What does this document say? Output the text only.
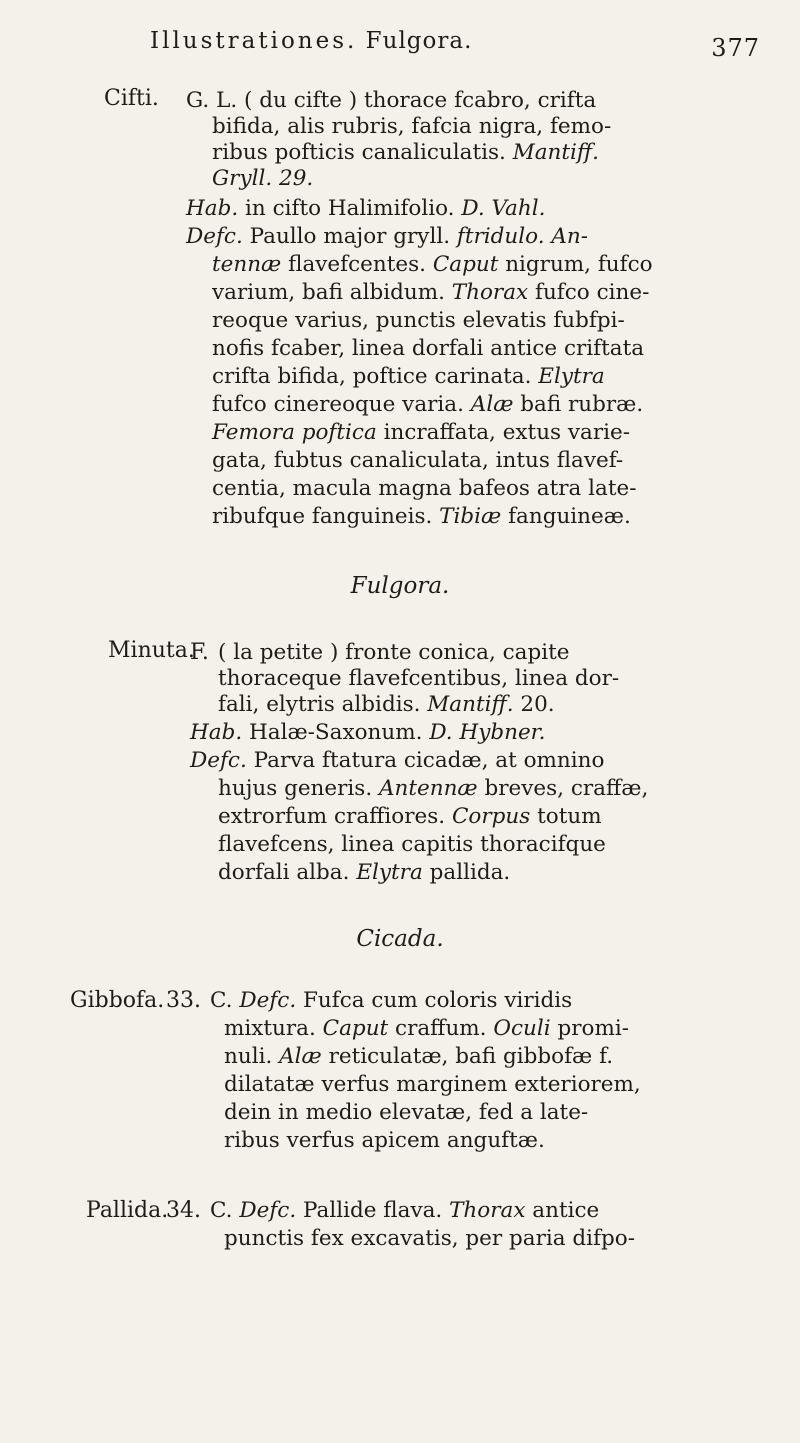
Illustrationes. Fulgora.	377
Cifti. G. L. ( du cifte ) thorace fcabro, crifta
bifida, alis rubris, fafcia nigra, femo-
ribus pofticis canaliculatis. Mantiff.
Gryll. 29.
Hab. in cifto Halimifolio. D. Vahl.
Defc. Paullo major gryll. ftridulo. An-
tennæ flavefcentes. Caput nigrum, fufco
varium, bafi albidum. Thorax fufco cine-
reoque varius, punctis elevatis fubfpi-
nofis fcaber, linea dorfali antice criftata
crifta bifida, poftice carinata. Elytra
fufco cinereoque varia. Alæ bafi rubræ.
Femora poftica incraffata, extus varie-
gata, fubtus canaliculata, intus flavef-
centia, macula magna bafeos atra late-
ribufque fanguineis. Tibiæ fanguineæ.
Fulgora.
Minuta.
F. ( la petite ) fronte conica, capite
thoraceque flavefcentibus, linea dor-
fali, elytris albidis. Mantiff. 20.
Hab. Halæ-Saxonum. D. Hybner.
Defc. Parva ftatura cicadæ, at omnino
hujus generis. Antennæ breves, craffæ,
extrorfum craffiores. Corpus totum
flavefcens, linea capitis thoracifque
dorfali alba. Elytra pallida.
Cicada.
Gibbofa. 33. C. Defc. Fufca cum coloris viridis
mixtura. Caput craffum. Oculi promi-
nuli. Alæ reticulatæ, bafi gibbofæ f.
dilatatæ verfus marginem exteriorem,
dein in medio elevatæ, fed a late-
ribus verfus apicem anguftæ.
Pallida.
34. C. Defc. Pallide flava. Thorax antice
punctis fex excavatis, per paria difpo-
